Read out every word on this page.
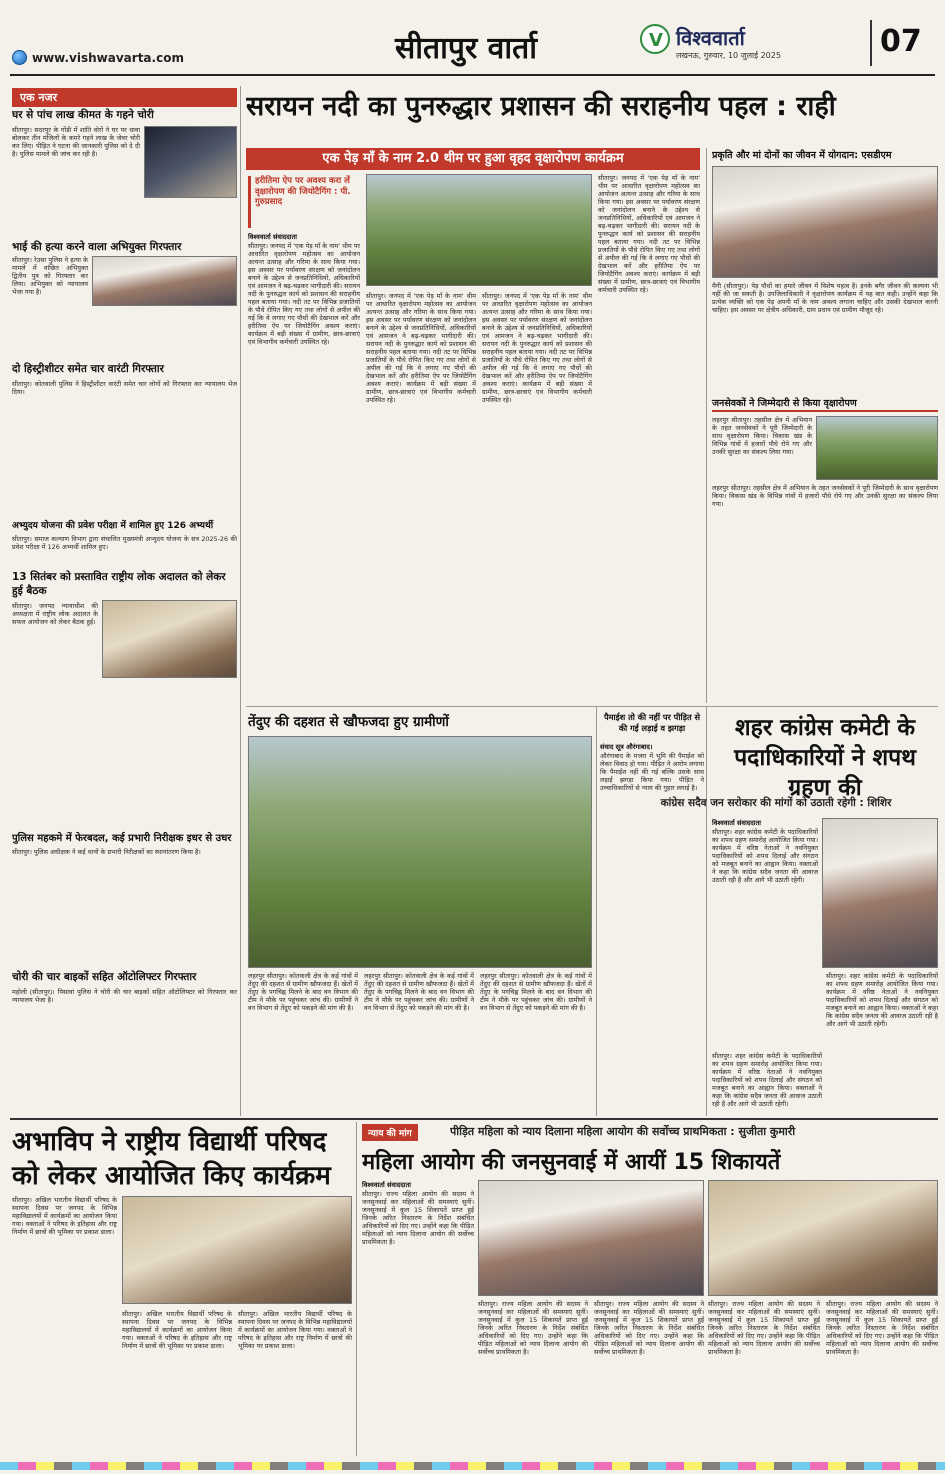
www.vishwavarta.com	सीतापुर वार्ता	V विश्ववार्ता
लखनऊ, गुरुवार, 10 जुलाई 2025	07
एक नजर
घर से पांच लाख कीमत के गहने चोरी
सीतापुर। सदरपुर के गोंडी में शांति वोरों ने घर पर धावा बोलकर तीन मंजिलों के कमरे गहने लाख के जेवर चोरी कर लिए। पीड़ित ने घटना की जानकारी पुलिस को दे दी है। पुलिस मामले की जांच कर रही है।
भाई की हत्या करने वाला अभियुक्त गिरफ्तार
सीतापुर। रेउसा पुलिस ने हत्या के मामले में वांछित अभियुक्त द्वितीय पुत्र को गिरफ्तार कर लिया। अभियुक्त को न्यायालय भेजा गया है।
दो हिस्ट्रीशीटर समेत चार वारंटी गिरफ्तार
सीतापुर। कोतवाली पुलिस ने हिस्ट्रीशीटर वारंटी समेत चार लोगों को गिरफ्तार कर न्यायालय भेज दिया।
अभ्युदय योजना की प्रवेश परीक्षा में शामिल हुए 126 अभ्यर्थी
सीतापुर। समाज कल्याण विभाग द्वारा संचालित मुख्यमंत्री अभ्युदय योजना के सत्र 2025-26 की प्रवेश परीक्षा में 126 अभ्यर्थी शामिल हुए।
13 सितंबर को प्रस्तावित राष्ट्रीय लोक अदालत को लेकर हुई बैठक
सीतापुर। जनपद न्यायाधीश की अध्यक्षता में राष्ट्रीय लोक अदालत के सफल आयोजन को लेकर बैठक हुई।
पुलिस महकमे में फेरबदल, कई प्रभारी निरीक्षक इधर से उधर
सीतापुर। पुलिस अधीक्षक ने कई थानों के प्रभारी निरीक्षकों का स्थानांतरण किया है।
चोरी की चार बाइकों सहित ऑटोलिफ्टर गिरफ्तार
महोली (सीतापुर)। पिसावां पुलिस ने चोरी की चार बाइकों सहित ऑटोलिफ्टर को गिरफ्तार कर न्यायालय भेजा है।
सरायन नदी का पुनरुद्धार प्रशासन की सराहनीय पहल : राही
एक पेड़ माँ के नाम 2.0 थीम पर हुआ वृहद वृक्षारोपण कार्यक्रम
हरीतिमा ऐप पर अवश्य करा लें वृक्षारोपण की जियोटैगिंग : पी. गुरुप्रसाद
विश्ववार्ता संवाददाता
सीतापुर। जनपद में 'एक पेड़ माँ के नाम' थीम पर आधारित वृक्षारोपण महोत्सव का आयोजन अत्यन्त उत्साह और गरिमा के साथ किया गया। इस अवसर पर पर्यावरण संरक्षण को जनांदोलन बनाने के उद्देश्य से जनप्रतिनिधियों, अधिकारियों एवं आमजन ने बढ़-चढ़कर भागीदारी की। सरायन नदी के पुनरुद्धार कार्य को प्रशासन की सराहनीय पहल बताया गया। नदी तट पर विभिन्न प्रजातियों के पौधे रोपित किए गए तथा लोगों से अपील की गई कि वे लगाए गए पौधों की देखभाल करें और हरीतिमा ऐप पर जियोटैगिंग अवश्य कराएं। कार्यक्रम में बड़ी संख्या में ग्रामीण, छात्र-छात्राएं एवं विभागीय कर्मचारी उपस्थित रहे।
सीतापुर। जनपद में 'एक पेड़ माँ के नाम' थीम पर आधारित वृक्षारोपण महोत्सव का आयोजन अत्यन्त उत्साह और गरिमा के साथ किया गया। इस अवसर पर पर्यावरण संरक्षण को जनांदोलन बनाने के उद्देश्य से जनप्रतिनिधियों, अधिकारियों एवं आमजन ने बढ़-चढ़कर भागीदारी की। सरायन नदी के पुनरुद्धार कार्य को प्रशासन की सराहनीय पहल बताया गया। नदी तट पर विभिन्न प्रजातियों के पौधे रोपित किए गए तथा लोगों से अपील की गई कि वे लगाए गए पौधों की देखभाल करें और हरीतिमा ऐप पर जियोटैगिंग अवश्य कराएं। कार्यक्रम में बड़ी संख्या में ग्रामीण, छात्र-छात्राएं एवं विभागीय कर्मचारी उपस्थित रहे।
सीतापुर। जनपद में 'एक पेड़ माँ के नाम' थीम पर आधारित वृक्षारोपण महोत्सव का आयोजन अत्यन्त उत्साह और गरिमा के साथ किया गया। इस अवसर पर पर्यावरण संरक्षण को जनांदोलन बनाने के उद्देश्य से जनप्रतिनिधियों, अधिकारियों एवं आमजन ने बढ़-चढ़कर भागीदारी की। सरायन नदी के पुनरुद्धार कार्य को प्रशासन की सराहनीय पहल बताया गया। नदी तट पर विभिन्न प्रजातियों के पौधे रोपित किए गए तथा लोगों से अपील की गई कि वे लगाए गए पौधों की देखभाल करें और हरीतिमा ऐप पर जियोटैगिंग अवश्य कराएं। कार्यक्रम में बड़ी संख्या में ग्रामीण, छात्र-छात्राएं एवं विभागीय कर्मचारी उपस्थित रहे।
सीतापुर। जनपद में 'एक पेड़ माँ के नाम' थीम पर आधारित वृक्षारोपण महोत्सव का आयोजन अत्यन्त उत्साह और गरिमा के साथ किया गया। इस अवसर पर पर्यावरण संरक्षण को जनांदोलन बनाने के उद्देश्य से जनप्रतिनिधियों, अधिकारियों एवं आमजन ने बढ़-चढ़कर भागीदारी की। सरायन नदी के पुनरुद्धार कार्य को प्रशासन की सराहनीय पहल बताया गया। नदी तट पर विभिन्न प्रजातियों के पौधे रोपित किए गए तथा लोगों से अपील की गई कि वे लगाए गए पौधों की देखभाल करें और हरीतिमा ऐप पर जियोटैगिंग अवश्य कराएं। कार्यक्रम में बड़ी संख्या में ग्रामीण, छात्र-छात्राएं एवं विभागीय कर्मचारी उपस्थित रहे।
प्रकृति और मां दोनों का जीवन में योगदान: एसडीएम
मैगी (सीतापुर)। पेड़ पौधों का हमारे जीवन में विशेष महत्व है। इनके बगैर जीवन की कल्पना भी नहीं की जा सकती है। उपजिलाधिकारी ने वृक्षारोपण कार्यक्रम में यह बात कही। उन्होंने कहा कि प्रत्येक व्यक्ति को एक पेड़ अपनी माँ के नाम अवश्य लगाना चाहिए और उसकी देखभाल करनी चाहिए। इस अवसर पर क्षेत्रीय अधिकारी, ग्राम प्रधान एवं ग्रामीण मौजूद रहे।
जनसेवकों ने जिम्मेदारी से किया वृक्षारोपण
लहरपुर सीतापुर। तहसील क्षेत्र में अभियान के तहत जनसेवकों ने पूरी जिम्मेदारी के साथ वृक्षारोपण किया। विकास खंड के विभिन्न गांवों में हजारों पौधे रोपे गए और उनकी सुरक्षा का संकल्प लिया गया।
लहरपुर सीतापुर। तहसील क्षेत्र में अभियान के तहत जनसेवकों ने पूरी जिम्मेदारी के साथ वृक्षारोपण किया। विकास खंड के विभिन्न गांवों में हजारों पौधे रोपे गए और उनकी सुरक्षा का संकल्प लिया गया।
तेंदुए की दहशत से खौफजदा हुए ग्रामीणों
लहरपुर सीतापुर। कोतवाली क्षेत्र के कई गांवों में तेंदुए की दहशत से ग्रामीण खौफजदा हैं। खेतों में तेंदुए के पगचिह्न मिलने के बाद वन विभाग की टीम ने मौके पर पहुंचकर जांच की। ग्रामीणों ने वन विभाग से तेंदुए को पकड़ने की मांग की है।
लहरपुर सीतापुर। कोतवाली क्षेत्र के कई गांवों में तेंदुए की दहशत से ग्रामीण खौफजदा हैं। खेतों में तेंदुए के पगचिह्न मिलने के बाद वन विभाग की टीम ने मौके पर पहुंचकर जांच की। ग्रामीणों ने वन विभाग से तेंदुए को पकड़ने की मांग की है।
लहरपुर सीतापुर। कोतवाली क्षेत्र के कई गांवों में तेंदुए की दहशत से ग्रामीण खौफजदा हैं। खेतों में तेंदुए के पगचिह्न मिलने के बाद वन विभाग की टीम ने मौके पर पहुंचकर जांच की। ग्रामीणों ने वन विभाग से तेंदुए को पकड़ने की मांग की है।
पैमाईश तो की नहीं पर पीड़ित से की गई लड़ाई व झगड़ा
संवाद सूत्र औरंगाबाद।
औरंगाबाद के मजरा में भूमि की पैमाईश को लेकर विवाद हो गया। पीड़ित ने आरोप लगाया कि पैमाईश नहीं की गई बल्कि उसके साथ लड़ाई झगड़ा किया गया। पीड़ित ने उच्चाधिकारियों से न्याय की गुहार लगाई है।
शहर कांग्रेस कमेटी के पदाधिकारियों ने शपथ ग्रहण की
कांग्रेस सदैव जन सरोकार की मांगों को उठाती रहेगी : शिशिर
विश्ववार्ता संवाददाता
सीतापुर। शहर कांग्रेस कमेटी के पदाधिकारियों का शपथ ग्रहण समारोह आयोजित किया गया। कार्यक्रम में वरिष्ठ नेताओं ने नवनियुक्त पदाधिकारियों को शपथ दिलाई और संगठन को मजबूत बनाने का आह्वान किया। वक्ताओं ने कहा कि कांग्रेस सदैव जनता की आवाज उठाती रही है और आगे भी उठाती रहेगी।
सीतापुर। शहर कांग्रेस कमेटी के पदाधिकारियों का शपथ ग्रहण समारोह आयोजित किया गया। कार्यक्रम में वरिष्ठ नेताओं ने नवनियुक्त पदाधिकारियों को शपथ दिलाई और संगठन को मजबूत बनाने का आह्वान किया। वक्ताओं ने कहा कि कांग्रेस सदैव जनता की आवाज उठाती रही है और आगे भी उठाती रहेगी।
सीतापुर। शहर कांग्रेस कमेटी के पदाधिकारियों का शपथ ग्रहण समारोह आयोजित किया गया। कार्यक्रम में वरिष्ठ नेताओं ने नवनियुक्त पदाधिकारियों को शपथ दिलाई और संगठन को मजबूत बनाने का आह्वान किया। वक्ताओं ने कहा कि कांग्रेस सदैव जनता की आवाज उठाती रही है और आगे भी उठाती रहेगी।
अभाविप ने राष्ट्रीय विद्यार्थी परिषद को लेकर आयोजित किए कार्यक्रम
सीतापुर। अखिल भारतीय विद्यार्थी परिषद के स्थापना दिवस पर जनपद के विभिन्न महाविद्यालयों में कार्यक्रमों का आयोजन किया गया। वक्ताओं ने परिषद के इतिहास और राष्ट्र निर्माण में छात्रों की भूमिका पर प्रकाश डाला।
सीतापुर। अखिल भारतीय विद्यार्थी परिषद के स्थापना दिवस पर जनपद के विभिन्न महाविद्यालयों में कार्यक्रमों का आयोजन किया गया। वक्ताओं ने परिषद के इतिहास और राष्ट्र निर्माण में छात्रों की भूमिका पर प्रकाश डाला।
सीतापुर। अखिल भारतीय विद्यार्थी परिषद के स्थापना दिवस पर जनपद के विभिन्न महाविद्यालयों में कार्यक्रमों का आयोजन किया गया। वक्ताओं ने परिषद के इतिहास और राष्ट्र निर्माण में छात्रों की भूमिका पर प्रकाश डाला।
न्याय की मांग	पीड़ित महिला को न्याय दिलाना महिला आयोग की सर्वोच्च प्राथमिकता : सुजीता कुमारी
महिला आयोग की जनसुनवाई में आयीं 15 शिकायतें
विश्ववार्ता संवाददाता
सीतापुर। राज्य महिला आयोग की सदस्य ने जनसुनवाई कर महिलाओं की समस्याएं सुनीं। जनसुनवाई में कुल 15 शिकायतें प्राप्त हुईं जिनके त्वरित निस्तारण के निर्देश संबंधित अधिकारियों को दिए गए। उन्होंने कहा कि पीड़ित महिलाओं को न्याय दिलाना आयोग की सर्वोच्च प्राथमिकता है।
सीतापुर। राज्य महिला आयोग की सदस्य ने जनसुनवाई कर महिलाओं की समस्याएं सुनीं। जनसुनवाई में कुल 15 शिकायतें प्राप्त हुईं जिनके त्वरित निस्तारण के निर्देश संबंधित अधिकारियों को दिए गए। उन्होंने कहा कि पीड़ित महिलाओं को न्याय दिलाना आयोग की सर्वोच्च प्राथमिकता है।
सीतापुर। राज्य महिला आयोग की सदस्य ने जनसुनवाई कर महिलाओं की समस्याएं सुनीं। जनसुनवाई में कुल 15 शिकायतें प्राप्त हुईं जिनके त्वरित निस्तारण के निर्देश संबंधित अधिकारियों को दिए गए। उन्होंने कहा कि पीड़ित महिलाओं को न्याय दिलाना आयोग की सर्वोच्च प्राथमिकता है।
सीतापुर। राज्य महिला आयोग की सदस्य ने जनसुनवाई कर महिलाओं की समस्याएं सुनीं। जनसुनवाई में कुल 15 शिकायतें प्राप्त हुईं जिनके त्वरित निस्तारण के निर्देश संबंधित अधिकारियों को दिए गए। उन्होंने कहा कि पीड़ित महिलाओं को न्याय दिलाना आयोग की सर्वोच्च प्राथमिकता है।
सीतापुर। राज्य महिला आयोग की सदस्य ने जनसुनवाई कर महिलाओं की समस्याएं सुनीं। जनसुनवाई में कुल 15 शिकायतें प्राप्त हुईं जिनके त्वरित निस्तारण के निर्देश संबंधित अधिकारियों को दिए गए। उन्होंने कहा कि पीड़ित महिलाओं को न्याय दिलाना आयोग की सर्वोच्च प्राथमिकता है।
